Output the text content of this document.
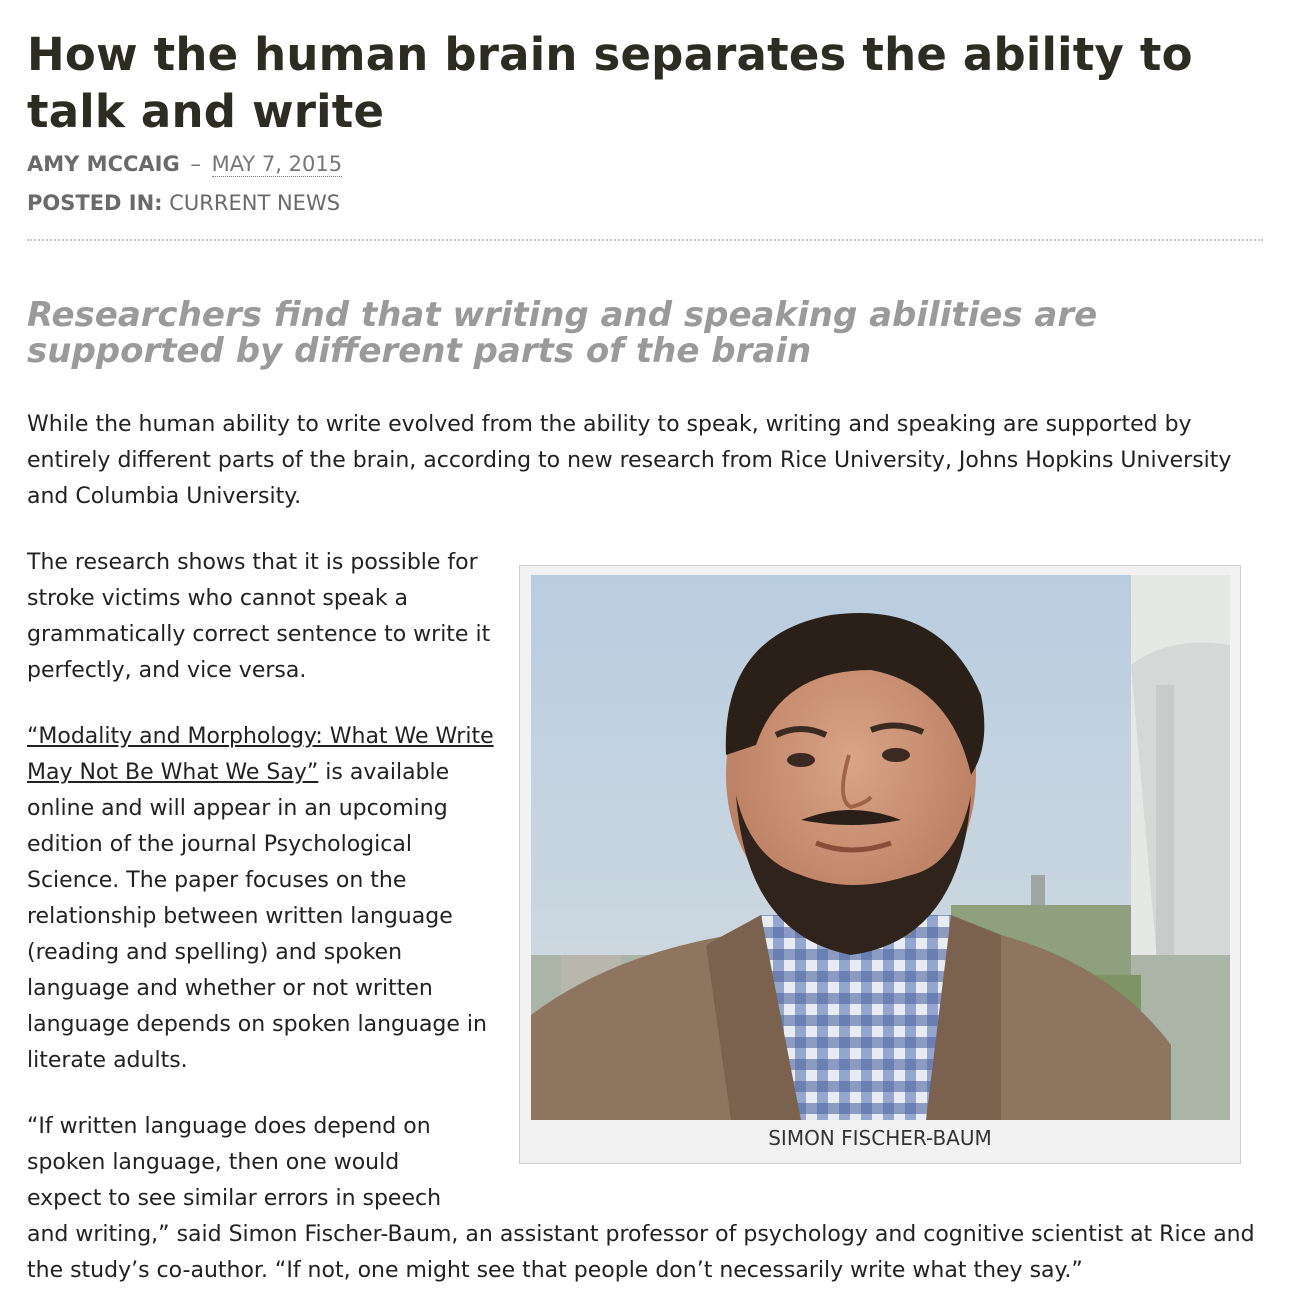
How the human brain separates the ability to talk and write
AMY MCCAIG – MAY 7, 2015
POSTED IN: CURRENT NEWS
Researchers find that writing and speaking abilities are supported by different parts of the brain

While the human ability to write evolved from the ability to speak, writing and speaking are supported by entirely different parts of the brain, according to new research from Rice University, Johns Hopkins University and Columbia University.

The research shows that it is possible for stroke victims who cannot speak a grammatically correct sentence to write it perfectly, and vice versa.

“Modality and Morphology: What We Write May Not Be What We Say” is available online and will appear in an upcoming edition of the journal Psychological Science. The paper focuses on the relationship between written language (reading and spelling) and spoken language and whether or not written language depends on spoken language in literate adults.

“If written language does depend on spoken language, then one would expect to see similar errors in speech
and writing,” said Simon Fischer-Baum, an assistant professor of psychology and cognitive scientist at Rice and the study’s co-author. “If not, one might see that people don’t necessarily write what they say.”

SIMON FISCHER-BAUM
